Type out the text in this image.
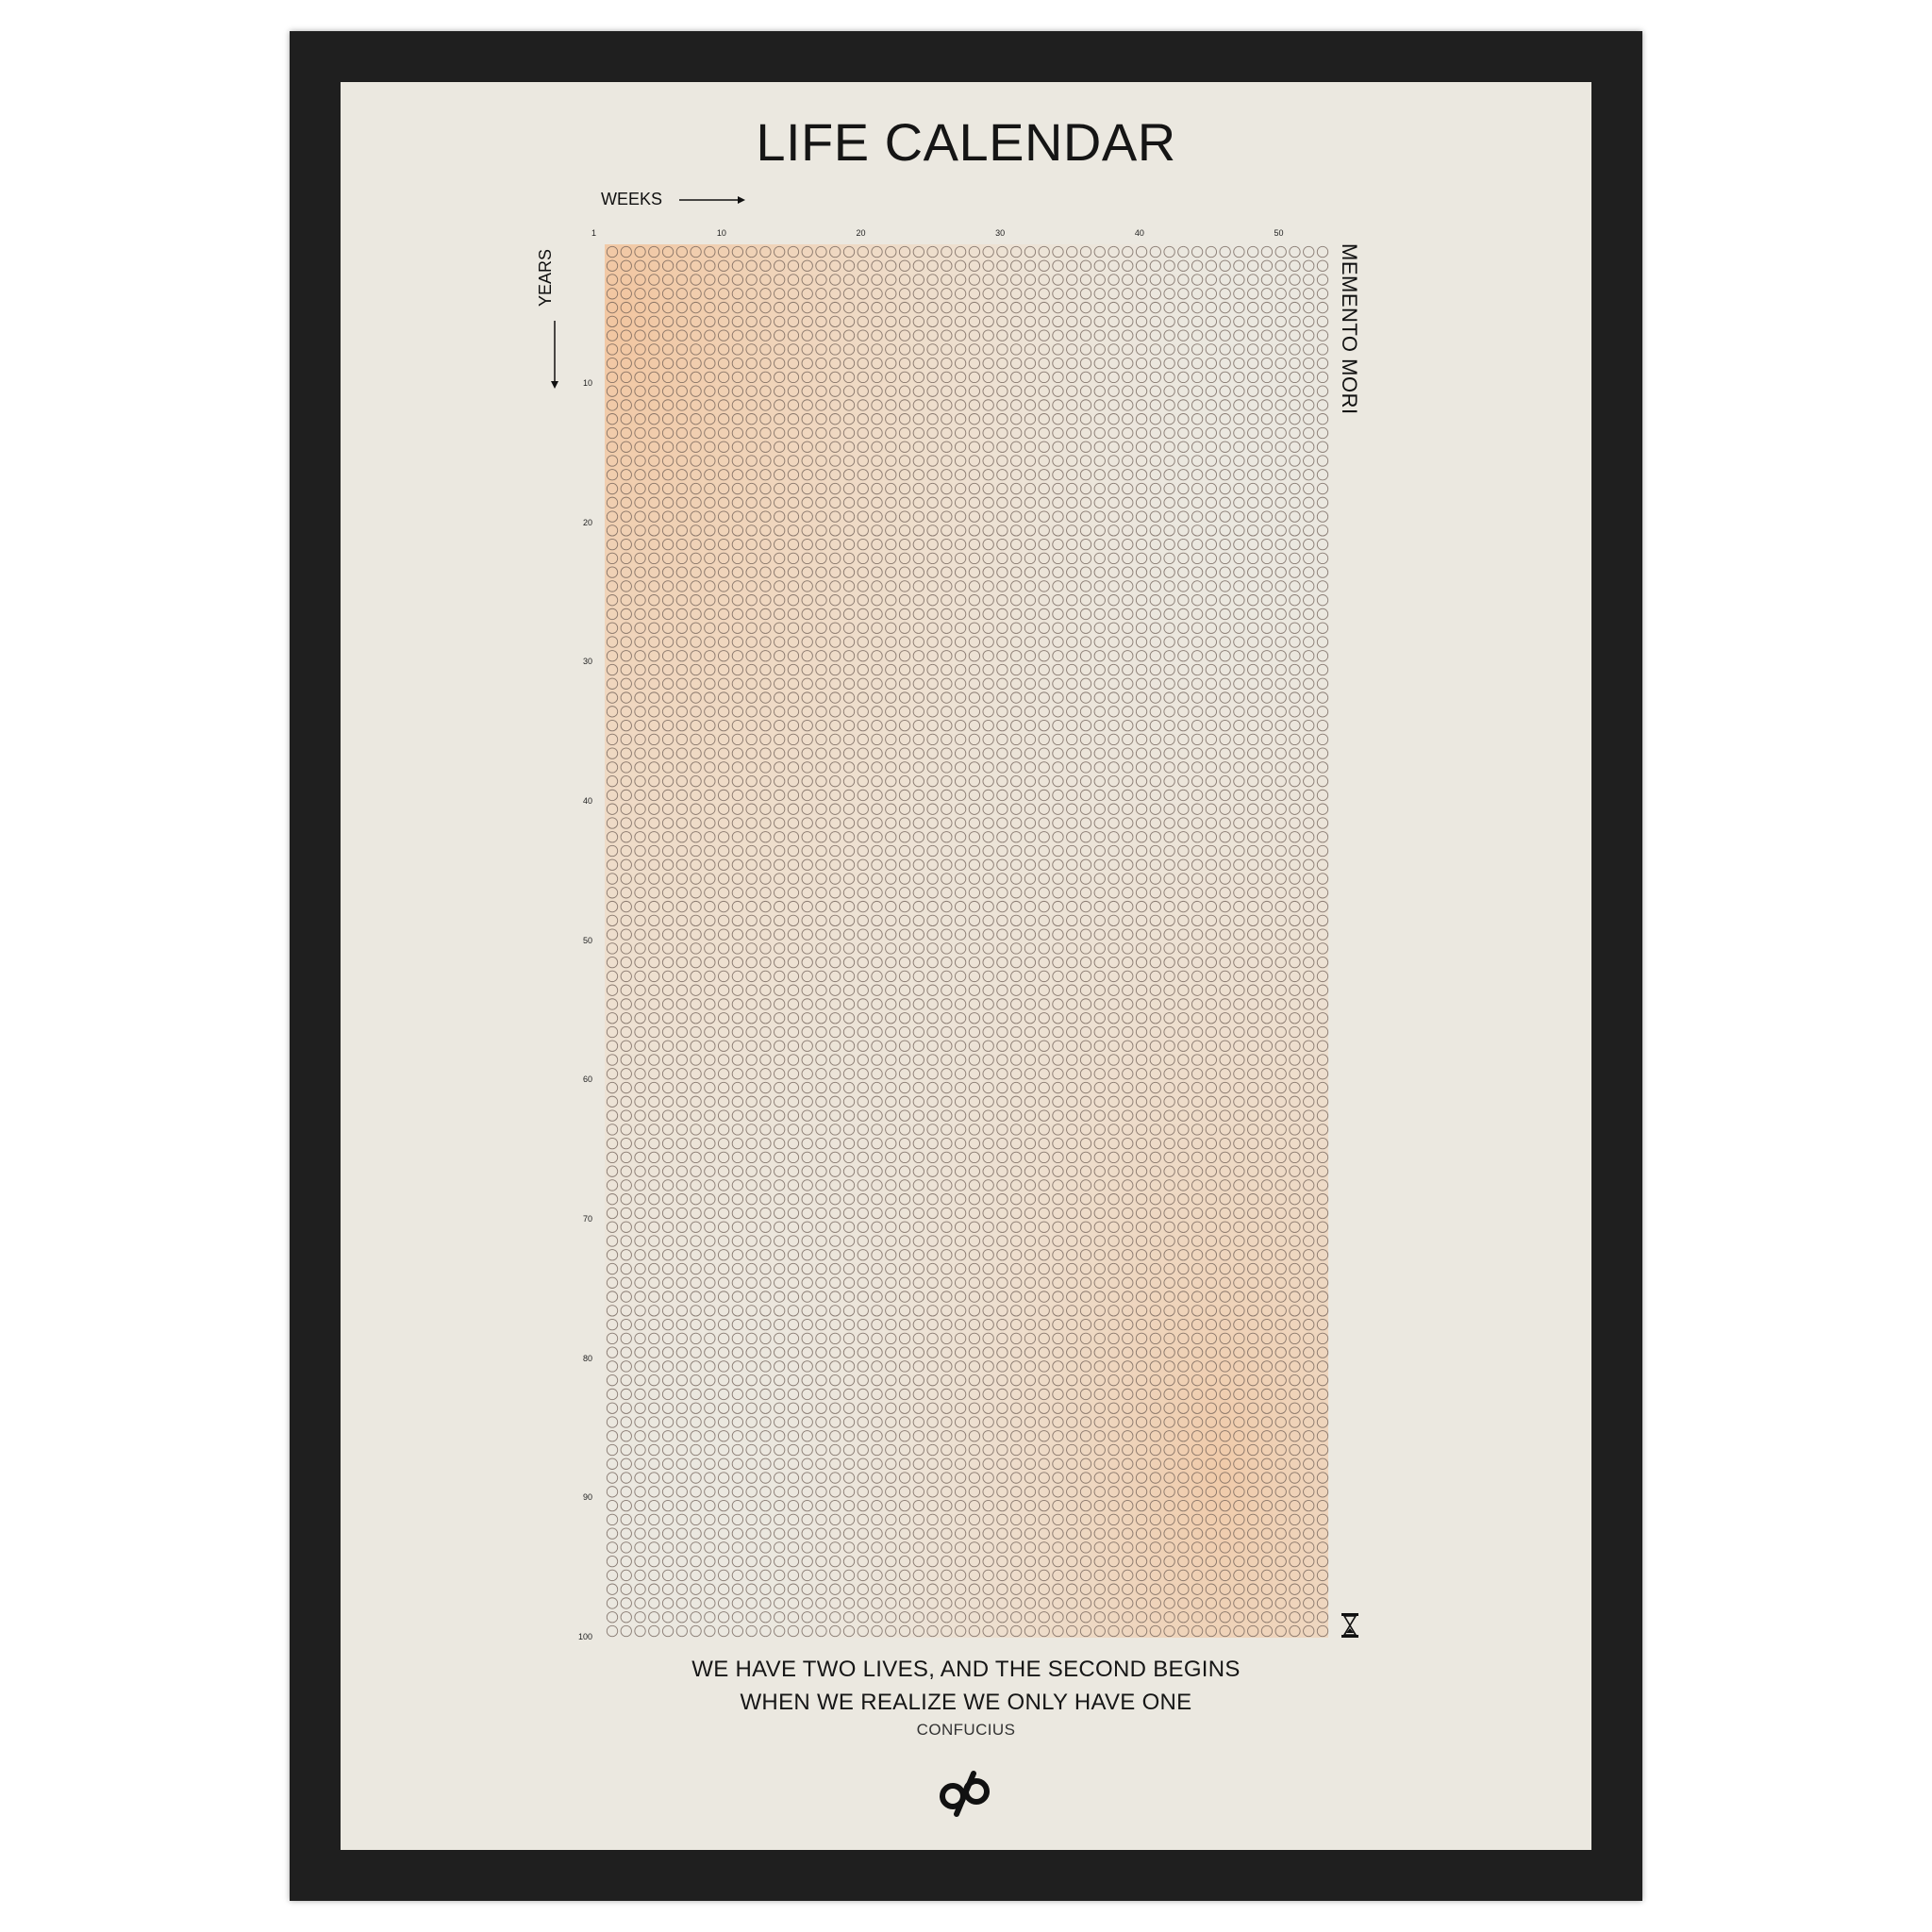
LIFE CALENDAR
WEEKS
YEARS	MEMENTO MORI
1	10	20	30	40	50
10
20
30
40
50
60
70
80
90
100
WE HAVE TWO LIVES, AND THE SECOND BEGINS
WHEN WE REALIZE WE ONLY HAVE ONE
CONFUCIUS
